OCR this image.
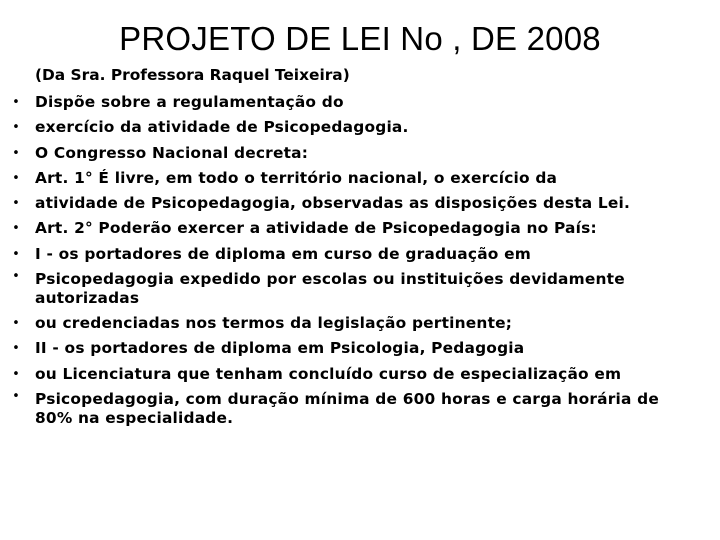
PROJETO DE LEI No , DE 2008
(Da Sra. Professora Raquel Teixeira)
• Dispõe sobre a regulamentação do
• exercício da atividade de Psicopedagogia.
• O Congresso Nacional decreta:
• Art. 1° É livre, em todo o território nacional, o exercício da
• atividade de Psicopedagogia, observadas as disposições desta Lei.
• Art. 2° Poderão exercer a atividade de Psicopedagogia no País:
• I - os portadores de diploma em curso de graduação em
• Psicopedagogia expedido por escolas ou instituições devidamente autorizadas
• ou credenciadas nos termos da legislação pertinente;
• II - os portadores de diploma em Psicologia, Pedagogia
• ou Licenciatura que tenham concluído curso de especialização em
• Psicopedagogia, com duração mínima de 600 horas e carga horária de 80% na especialidade.
